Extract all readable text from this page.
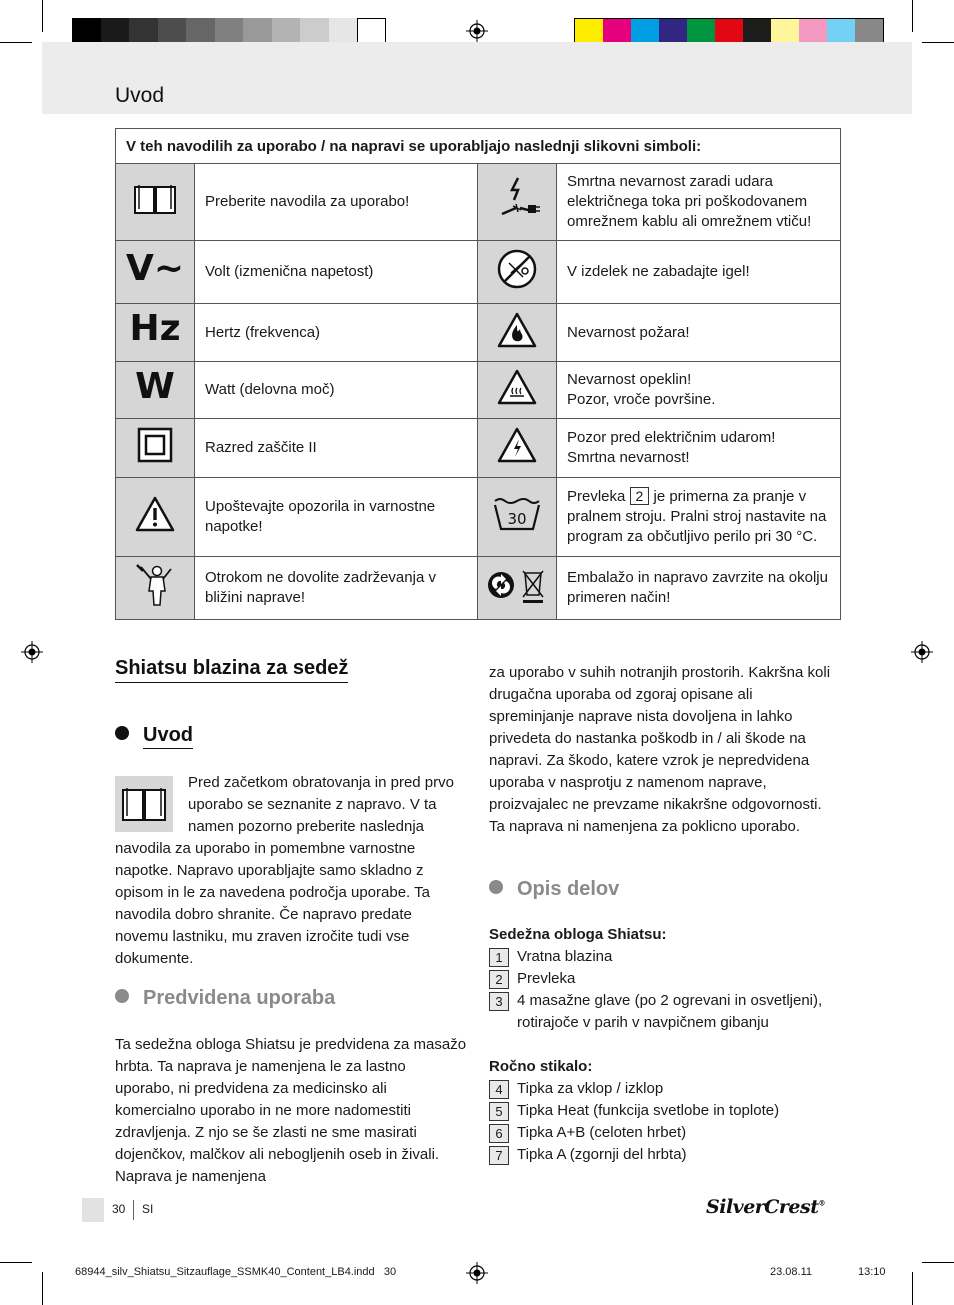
Uvod
V teh navodilih za uporabo / na napravi se uporabljajo naslednji slikovni simboli:			
	Preberite navodila za uporabo!		Smrtna nevarnost zaradi udara električnega toka pri poškodovanem omrežnem kablu ali omrežnem vtiču!
V~	Volt (izmenična napetost)		V izdelek ne zabadajte igel!
Hz	Hertz (frekvenca)		Nevarnost požara!
W	Watt (delovna moč)		Nevarnost opeklin!
Pozor, vroče površine.

	Razred zaščite II		Pozor pred električnim udarom!
Smrtna nevarnost!

	Upoštevajte opozorila in varnostne napotke!	30	Prevleka 2 je primerna za pranje v pralnem stroju. Pralni stroj nastavite na program za občutljivo perilo pri 30 °C.
	Otrokom ne dovolite zadrževanja v bližini naprave!		Embalažo in napravo zavrzite na okolju primeren način!
Shiatsu blazina za sedež
Uvod

Pred začetkom obratovanja in pred prvo uporabo se seznanite z napravo. V ta namen pozorno preberite naslednja navodila za uporabo in pomembne varnostne napotke. Napravo uporabljajte samo skladno z opisom in le za navedena področja uporabe. Ta navodila dobro shranite. Če napravo predate novemu lastniku, mu zraven izročite tudi vse dokumente.

Predvidena uporaba

Ta sedežna obloga Shiatsu je predvidena za masažo hrbta. Ta naprava je namenjena le za lastno uporabo, ni predvidena za medicinsko ali komercialno uporabo in ne more nadomestiti zdravljenja. Z njo se še zlasti ne sme masirati dojenčkov, malčkov ali nebogljenih oseb in živali. Naprava je namenjena

za uporabo v suhih notranjih prostorih. Kakršna koli drugačna uporaba od zgoraj opisane ali spreminjanje naprave nista dovoljena in lahko privedeta do nastanka poškodb in / ali škode na napravi. Za škodo, katere vzrok je nepredvidena uporaba v nasprotju z namenom naprave, proizvajalec ne prevzame nikakršne odgovornosti. Ta naprava ni namenjena za poklicno uporabo.

Opis delov
Sedežna obloga Shiatsu:
1 Vratna blazina
2 Prevleka
3 4 masažne glave (po 2 ogrevani in osvetljeni), rotirajoče v parih v navpičnem gibanju
Ročno stikalo:
4 Tipka za vklop / izklop
5 Tipka Heat (funkcija svetlobe in toplote)
6 Tipka A+B (celoten hrbet)
7 Tipka A (zgornji del hrbta)
30 SI	SilverCrest®
68944_silv_Shiatsu_Sitzauflage_SSMK40_Content_LB4.indd   30	23.08.11	13:10
